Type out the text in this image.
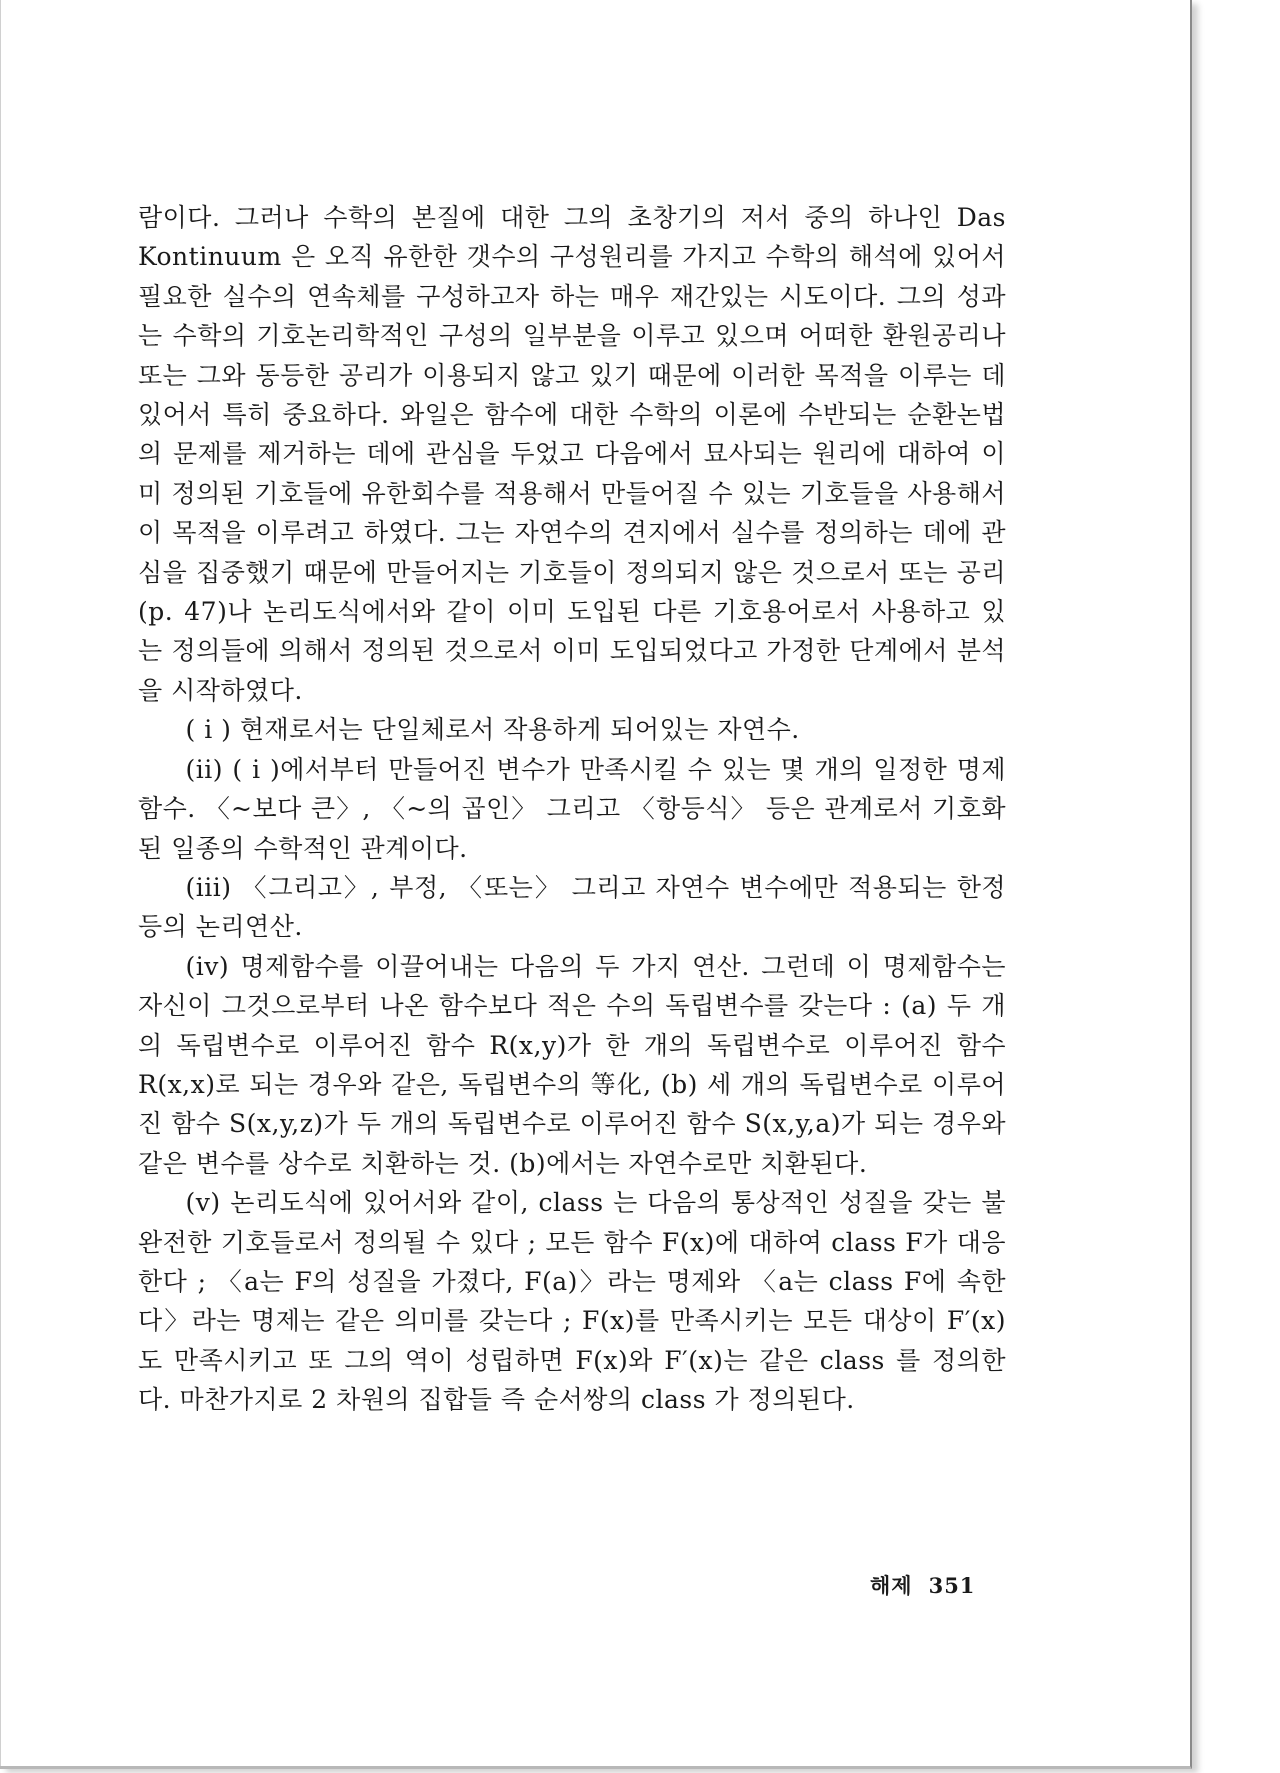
람이다. 그러나 수학의 본질에 대한 그의 초창기의 저서 중의 하나인 Das Kontinuum 은 오직 유한한 갯수의 구성원리를 가지고 수학의 해석에 있어서 필요한 실수의 연속체를 구성하고자 하는 매우 재간있는 시도이다. 그의 성과는 수학의 기호논리학적인 구성의 일부분을 이루고 있으며 어떠한 환원공리나 또는 그와 동등한 공리가 이용되지 않고 있기 때문에 이러한 목적을 이루는 데 있어서 특히 중요하다. 와일은 함수에 대한 수학의 이론에 수반되는 순환논법의 문제를 제거하는 데에 관심을 두었고 다음에서 묘사되는 원리에 대하여 이미 정의된 기호들에 유한회수를 적용해서 만들어질 수 있는 기호들을 사용해서 이 목적을 이루려고 하였다. 그는 자연수의 견지에서 실수를 정의하는 데에 관심을 집중했기 때문에 만들어지는 기호들이 정의되지 않은 것으로서 또는 공리(p. 47)나 논리도식에서와 같이 이미 도입된 다른 기호용어로서 사용하고 있는 정의들에 의해서 정의된 것으로서 이미 도입되었다고 가정한 단계에서 분석을 시작하였다.

( i ) 현재로서는 단일체로서 작용하게 되어있는 자연수.

(ii) ( i )에서부터 만들어진 변수가 만족시킬 수 있는 몇 개의 일정한 명제함수. 〈~보다 큰〉, 〈~의 곱인〉 그리고 〈항등식〉 등은 관계로서 기호화된 일종의 수학적인 관계이다.

(iii) 〈그리고〉, 부정, 〈또는〉 그리고 자연수 변수에만 적용되는 한정 등의 논리연산.

(iv) 명제함수를 이끌어내는 다음의 두 가지 연산. 그런데 이 명제함수는 자신이 그것으로부터 나온 함수보다 적은 수의 독립변수를 갖는다 : (a) 두 개의 독립변수로 이루어진 함수 R(x,y)가 한 개의 독립변수로 이루어진 함수 R(x,x)로 되는 경우와 같은, 독립변수의 等化, (b) 세 개의 독립변수로 이루어진 함수 S(x,y,z)가 두 개의 독립변수로 이루어진 함수 S(x,y,a)가 되는 경우와 같은 변수를 상수로 치환하는 것. (b)에서는 자연수로만 치환된다.

(v) 논리도식에 있어서와 같이, class 는 다음의 통상적인 성질을 갖는 불완전한 기호들로서 정의될 수 있다 ; 모든 함수 F(x)에 대하여 class F가 대응한다 ; 〈a는 F의 성질을 가졌다, F(a)〉라는 명제와 〈a는 class F에 속한다〉라는 명제는 같은 의미를 갖는다 ; F(x)를 만족시키는 모든 대상이 F′(x)도 만족시키고 또 그의 역이 성립하면 F(x)와 F′(x)는 같은 class 를 정의한다. 마찬가지로 2 차원의 집합들 즉 순서쌍의 class 가 정의된다.

해제 351
